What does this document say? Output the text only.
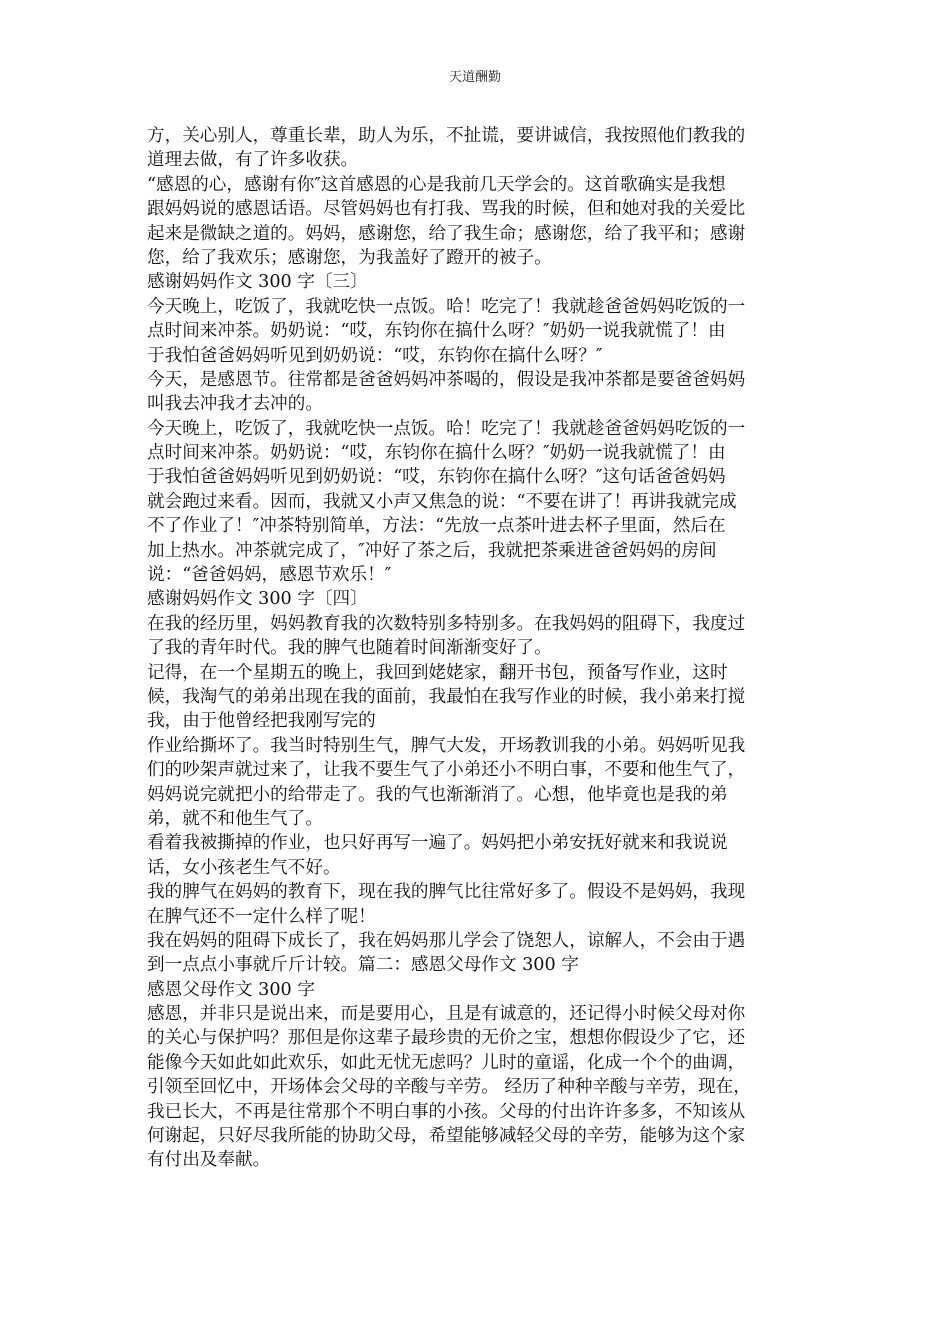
天道酬勤
方，关心别人，尊重长辈，助人为乐，不扯谎，要讲诚信，我按照他们教我的
道理去做，有了许多收获。
“感恩的心，感谢有你″这首感恩的心是我前几天学会的。这首歌确实是我想
跟妈妈说的感恩话语。尽管妈妈也有打我、骂我的时候，但和她对我的关爱比
起来是微缺之道的。妈妈，感谢您，给了我生命；感谢您，给了我平和；感谢
您，给了我欢乐；感谢您，为我盖好了蹬开的被子。
感谢妈妈作文 300 字〔三〕
今天晚上，吃饭了，我就吃快一点饭。哈！吃完了！我就趁爸爸妈妈吃饭的一
点时间来冲茶。奶奶说：“哎，东钧你在搞什么呀？″奶奶一说我就慌了！由
于我怕爸爸妈妈听见到奶奶说：“哎，东钧你在搞什么呀？″
今天，是感恩节。往常都是爸爸妈妈冲茶喝的，假设是我冲茶都是要爸爸妈妈
叫我去冲我才去冲的。
今天晚上，吃饭了，我就吃快一点饭。哈！吃完了！我就趁爸爸妈妈吃饭的一
点时间来冲茶。奶奶说：“哎，东钧你在搞什么呀？″奶奶一说我就慌了！由
于我怕爸爸妈妈听见到奶奶说：“哎，东钧你在搞什么呀？″这句话爸爸妈妈
就会跑过来看。因而，我就又小声又焦急的说：“不要在讲了！再讲我就完成
不了作业了！″冲茶特别简单，方法：“先放一点茶叶进去杯子里面，然后在
加上热水。冲茶就完成了，″冲好了茶之后，我就把茶乘进爸爸妈妈的房间
说：“爸爸妈妈，感恩节欢乐！″
感谢妈妈作文 300 字〔四〕
在我的经历里，妈妈教育我的次数特别多特别多。在我妈妈的阻碍下，我度过
了我的青年时代。我的脾气也随着时间渐渐变好了。
记得，在一个星期五的晚上，我回到姥姥家，翻开书包，预备写作业，这时
候，我淘气的弟弟出现在我的面前，我最怕在我写作业的时候，我小弟来打搅
我，由于他曾经把我刚写完的
作业给撕坏了。我当时特别生气，脾气大发，开场教训我的小弟。妈妈听见我
们的吵架声就过来了，让我不要生气了小弟还小不明白事，不要和他生气了，
妈妈说完就把小的给带走了。我的气也渐渐消了。心想，他毕竟也是我的弟
弟，就不和他生气了。
看着我被撕掉的作业，也只好再写一遍了。妈妈把小弟安抚好就来和我说说
话，女小孩老生气不好。
我的脾气在妈妈的教育下，现在我的脾气比往常好多了。假设不是妈妈，我现
在脾气还不一定什么样了呢！
我在妈妈的阻碍下成长了，我在妈妈那儿学会了饶恕人，谅解人，不会由于遇
到一点点小事就斤斤计较。篇二：感恩父母作文 300 字
感恩父母作文 300 字
感恩，并非只是说出来，而是要用心，且是有诚意的，还记得小时候父母对你
的关心与保护吗？那但是你这辈子最珍贵的无价之宝，想想你假设少了它，还
能像今天如此如此欢乐，如此无忧无虑吗？儿时的童谣，化成一个个的曲调，
引领至回忆中，开场体会父母的辛酸与辛劳。 经历了种种辛酸与辛劳，现在，
我已长大，不再是往常那个不明白事的小孩。父母的付出许许多多，不知该从
何谢起，只好尽我所能的协助父母，希望能够减轻父母的辛劳，能够为这个家
有付出及奉献。
